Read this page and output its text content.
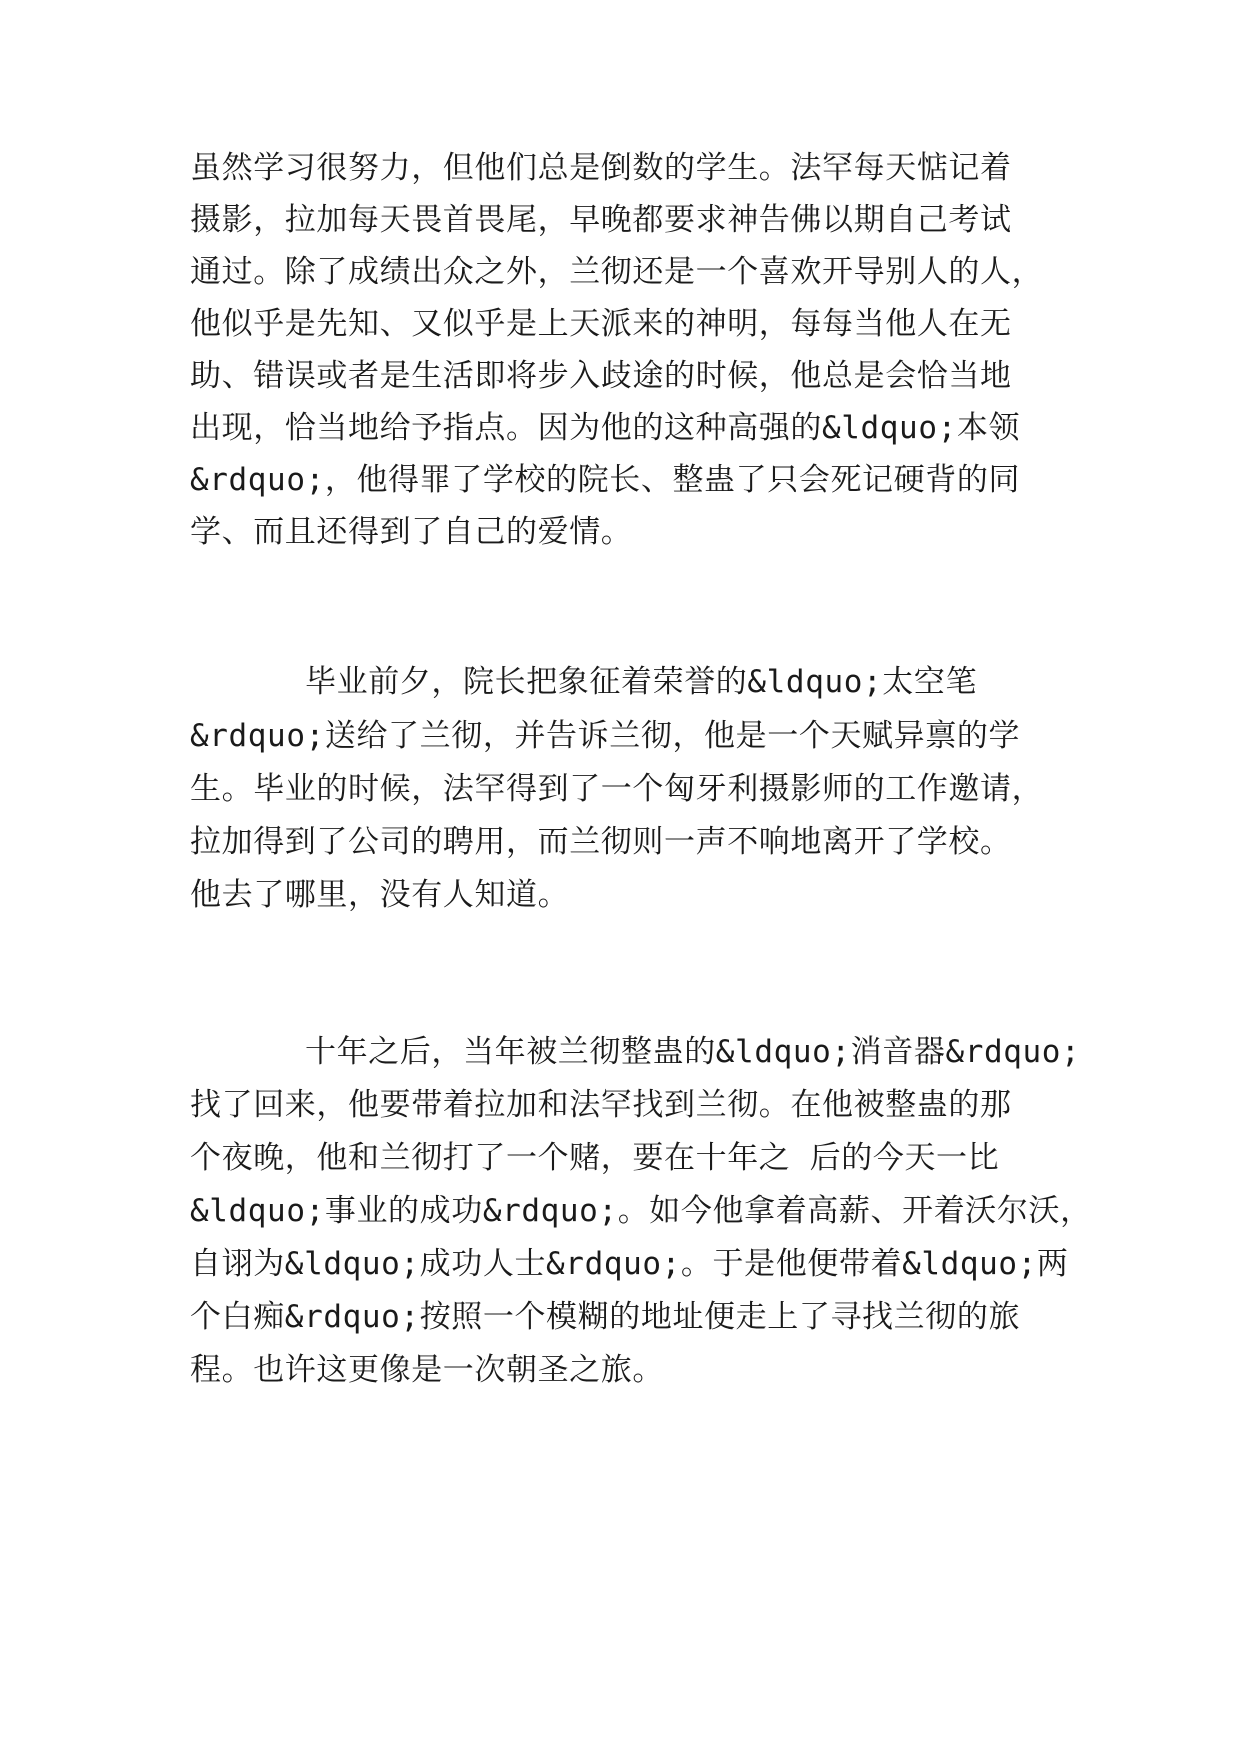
虽然学习很努力，但他们总是倒数的学生。法罕每天惦记着
摄影，拉加每天畏首畏尾，早晚都要求神告佛以期自己考试
通过。除了成绩出众之外，兰彻还是一个喜欢开导别人的人，
他似乎是先知、又似乎是上天派来的神明，每每当他人在无
助、错误或者是生活即将步入歧途的时候，他总是会恰当地
出现，恰当地给予指点。因为他的这种高强的&ldquo;本领
&rdquo;，他得罪了学校的院长、整蛊了只会死记硬背的同
学、而且还得到了自己的爱情。
毕业前夕，院长把象征着荣誉的&ldquo;太空笔
&rdquo;送给了兰彻，并告诉兰彻，他是一个天赋异禀的学
生。毕业的时候，法罕得到了一个匈牙利摄影师的工作邀请，
拉加得到了公司的聘用，而兰彻则一声不响地离开了学校。
他去了哪里，没有人知道。
十年之后，当年被兰彻整蛊的&ldquo;消音器&rdquo;
找了回来，他要带着拉加和法罕找到兰彻。在他被整蛊的那
个夜晚，他和兰彻打了一个赌，要在十年之 后的今天一比
&ldquo;事业的成功&rdquo;。如今他拿着高薪、开着沃尔沃，
自诩为&ldquo;成功人士&rdquo;。于是他便带着&ldquo;两
个白痴&rdquo;按照一个模糊的地址便走上了寻找兰彻的旅
程。也许这更像是一次朝圣之旅。
